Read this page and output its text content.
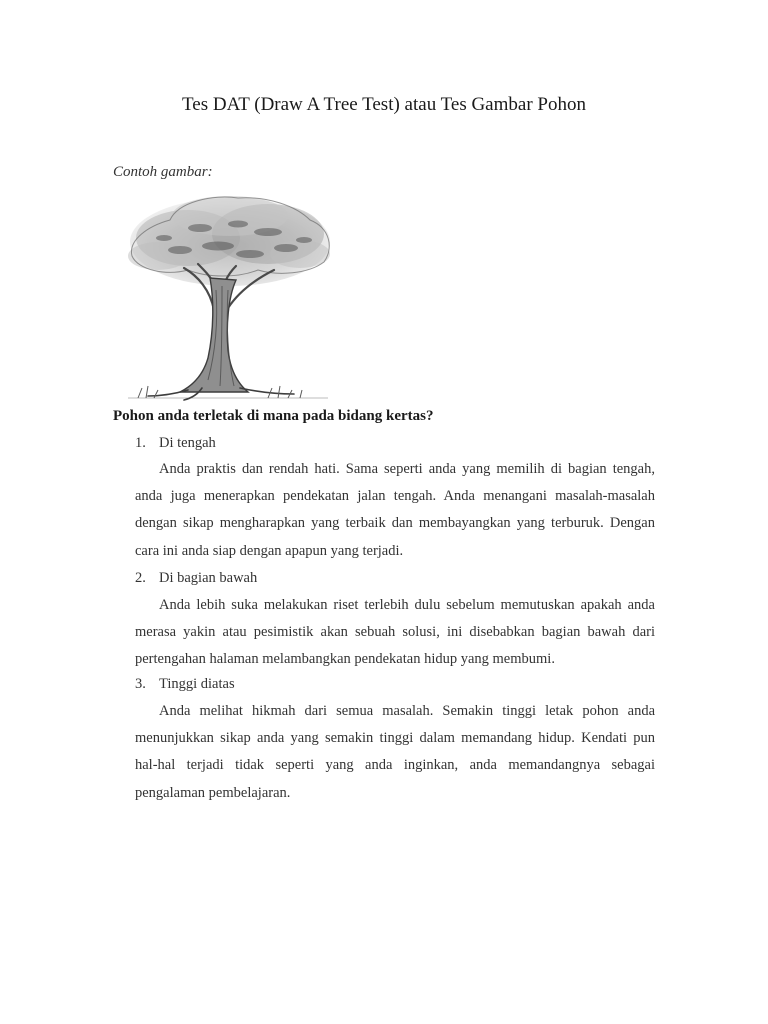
Tes DAT (Draw A Tree Test) atau Tes Gambar Pohon
Contoh gambar:
Pohon anda terletak di mana pada bidang kertas?
1. Di tengah

Anda praktis dan rendah hati. Sama seperti anda yang memilih di bagian tengah, anda juga menerapkan pendekatan jalan tengah. Anda menangani masalah-masalah dengan sikap mengharapkan yang terbaik dan membayangkan yang terburuk. Dengan cara ini anda siap dengan apapun yang terjadi.

2. Di bagian bawah

Anda lebih suka melakukan riset terlebih dulu sebelum memutuskan apakah anda merasa yakin atau pesimistik akan sebuah solusi, ini disebabkan bagian bawah dari pertengahan halaman melambangkan pendekatan hidup yang membumi.

3. Tinggi diatas

Anda melihat hikmah dari semua masalah. Semakin tinggi letak pohon anda menunjukkan sikap anda yang semakin tinggi dalam memandang hidup. Kendati pun hal-hal terjadi tidak seperti yang anda inginkan, anda memandangnya sebagai pengalaman pembelajaran.
